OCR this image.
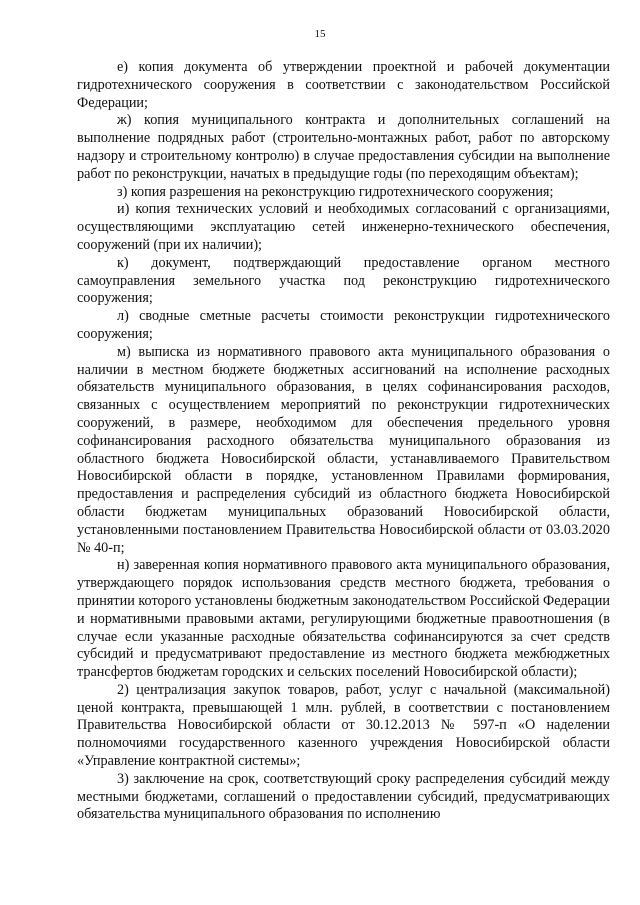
15

е) копия документа об утверждении проектной и рабочей документации гидротехнического сооружения в соответствии с законодательством Российской Федерации;

ж) копия муниципального контракта и дополнительных соглашений на выполнение подрядных работ (строительно-монтажных работ, работ по авторскому надзору и строительному контролю) в случае предоставления субсидии на выполнение работ по реконструкции, начатых в предыдущие годы (по переходящим объектам);

з) копия разрешения на реконструкцию гидротехнического сооружения;

и) копия технических условий и необходимых согласований с организациями, осуществляющими эксплуатацию сетей инженерно-технического обеспечения, сооружений (при их наличии);

к) документ, подтверждающий предоставление органом местного самоуправления земельного участка под реконструкцию гидротехнического сооружения;

л) сводные сметные расчеты стоимости реконструкции гидротехнического сооружения;

м) выписка из нормативного правового акта муниципального образования о наличии в местном бюджете бюджетных ассигнований на исполнение расходных обязательств муниципального образования, в целях софинансирования расходов, связанных с осуществлением мероприятий по реконструкции гидротехнических сооружений, в размере, необходимом для обеспечения предельного уровня софинансирования расходного обязательства муниципального образования из областного бюджета Новосибирской области, устанавливаемого Правительством Новосибирской области в порядке, установленном Правилами формирования, предоставления и распределения субсидий из областного бюджета Новосибирской области бюджетам муниципальных образований Новосибирской области, установленными постановлением Правительства Новосибирской области от 03.03.2020 № 40-п;

н) заверенная копия нормативного правового акта муниципального образования, утверждающего порядок использования средств местного бюджета, требования о принятии которого установлены бюджетным законодательством Российской Федерации и нормативными правовыми актами, регулирующими бюджетные правоотношения (в случае если указанные расходные обязательства софинансируются за счет средств субсидий и предусматривают предоставление из местного бюджета межбюджетных трансфертов бюджетам городских и сельских поселений Новосибирской области);

2) централизация закупок товаров, работ, услуг с начальной (максимальной) ценой контракта, превышающей 1 млн. рублей, в соответствии с постановлением Правительства Новосибирской области от 30.12.2013 № 597-п «О наделении полномочиями государственного казенного учреждения Новосибирской области «Управление контрактной системы»;

3) заключение на срок, соответствующий сроку распределения субсидий между местными бюджетами, соглашений о предоставлении субсидий, предусматривающих обязательства муниципального образования по исполнению
